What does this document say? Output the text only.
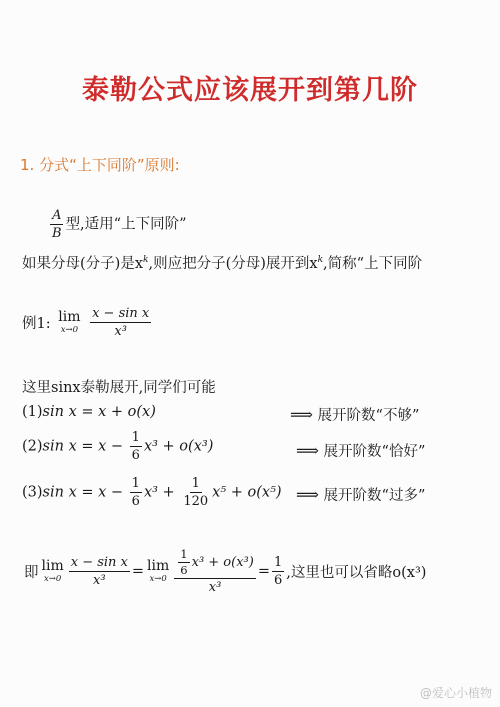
泰勒公式应该展开到第几阶
1. 分式“上下同阶”原则:
$\frac{A}{B}$ 型,适用“上下同阶”
如果分母(分子)是$x^k$,则应把分子(分母)展开到$x^k$,简称“上下同阶
例1: lim
x→0
$\frac{\text{x − sin x}}{\text{x³}}$
这里sinx泰勒展开,同学们可能
(1)sin x = x + o(x)	⟹ 展开阶数“不够”
(2)sin $x = x - \frac{1}{6} x^3 + o(x^3)$	⟹ 展开阶数“恰好”
(3)sin $x = x - \frac{1}{6} x^3 + \frac{1}{120} x^5 + o(x^5)$ ⟹ 展开阶数“过多”
即 lim
$x\to 0 \frac{\text{x − sin x}}{\text{x³}} = \lim$
$x\to 0 \frac{\frac{1}{6} x^3 + o(x^3)}{\text{x³}} = \frac{1}{6}$ ,这里也可以省略o(x³)
@爱心小植物
